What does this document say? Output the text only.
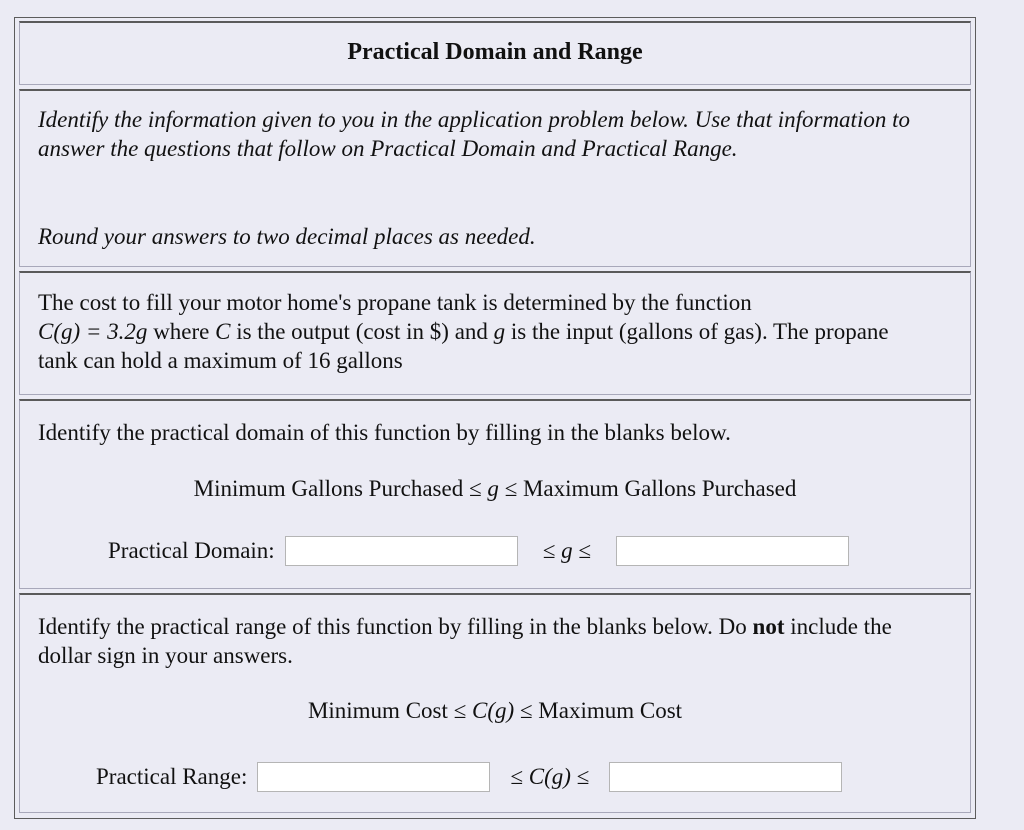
Practical Domain and Range
Identify the information given to you in the application problem below. Use that information to answer the questions that follow on Practical Domain and Practical Range.
Round your answers to two decimal places as needed.
The cost to fill your motor home's propane tank is determined by the function
C(g) = 3.2g where C is the output (cost in $) and g is the input (gallons of gas). The propane tank can hold a maximum of 16 gallons
Identify the practical domain of this function by filling in the blanks below.
Minimum Gallons Purchased ≤ g ≤ Maximum Gallons Purchased
Practical Domain:	≤ g ≤
Identify the practical range of this function by filling in the blanks below. Do not include the dollar sign in your answers.
Minimum Cost ≤ C(g) ≤ Maximum Cost
Practical Range:	≤ C(g) ≤
